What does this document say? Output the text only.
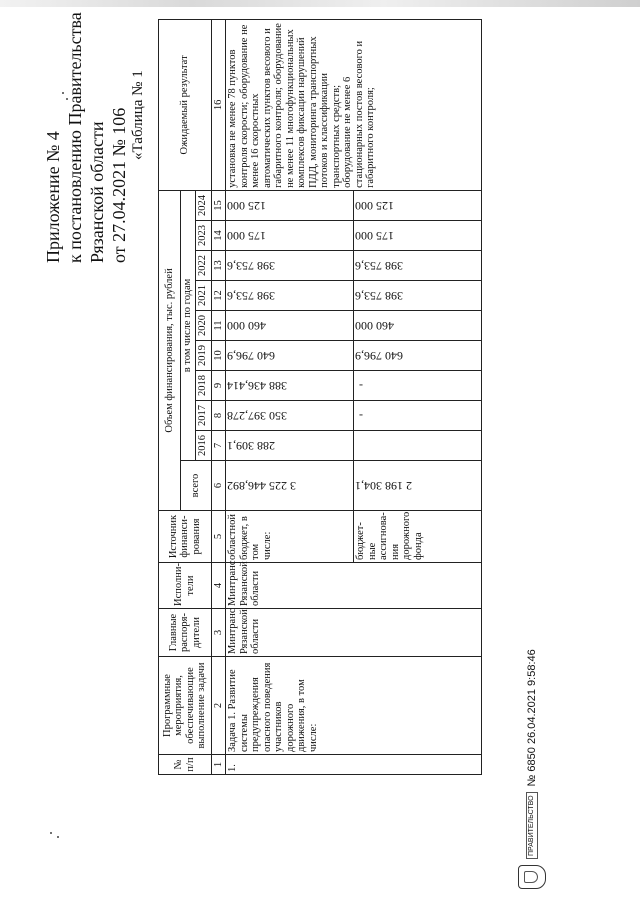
Приложение № 4 к постановлению Правительства Рязанской области от 27.04.2021 № 106 «Таблица № 1
ПРАВИТЕЛЬСТВО
№ 6850 26.04.2021 9:58:46
№ п/п	Программные мероприятия, обеспечивающие выполнение задачи	Главные распоря-дители	Исполни-тели	Источник финанси-рования	Объем финансирования, тыс. рублей										Ожидаемый результат
					всего	в том числе по годам									
						2016	2017	2018	2019	2020	2021	2022	2023	2024	
1	2	3	4	5	6	7	8	9	10	11	12	13	14	15	16
1.	Задача 1. Развитие системы предупреждения опасного поведения участников дорожного движения, в том числе:	Минтранс Рязанской области	Минтранс Рязанской области	областной бюджет, в том числе:	3 225 446,892	288 309,1	350 397,278	388 436,414	640 796,9	460 000	398 753,6	398 753,6	175 000	125 000	установка не менее 78 пунктов контроля скорости; оборудование не менее 16 скоростных автоматических пунктов весового и габаритного контроля; оборудование не менее 11 многофункциональных комплексов фиксации нарушений ПДД, мониторинга транспортных потоков и классификации транспортных средств; оборудование не менее 6 стационарных постов весового и габаритного контроля;
				бюджет-ные ассигнова-ния дорожного фонда	2 198 304,1		-	-	640 796,9	460 000	398 753,6	398 753,6	175 000	125 000	
